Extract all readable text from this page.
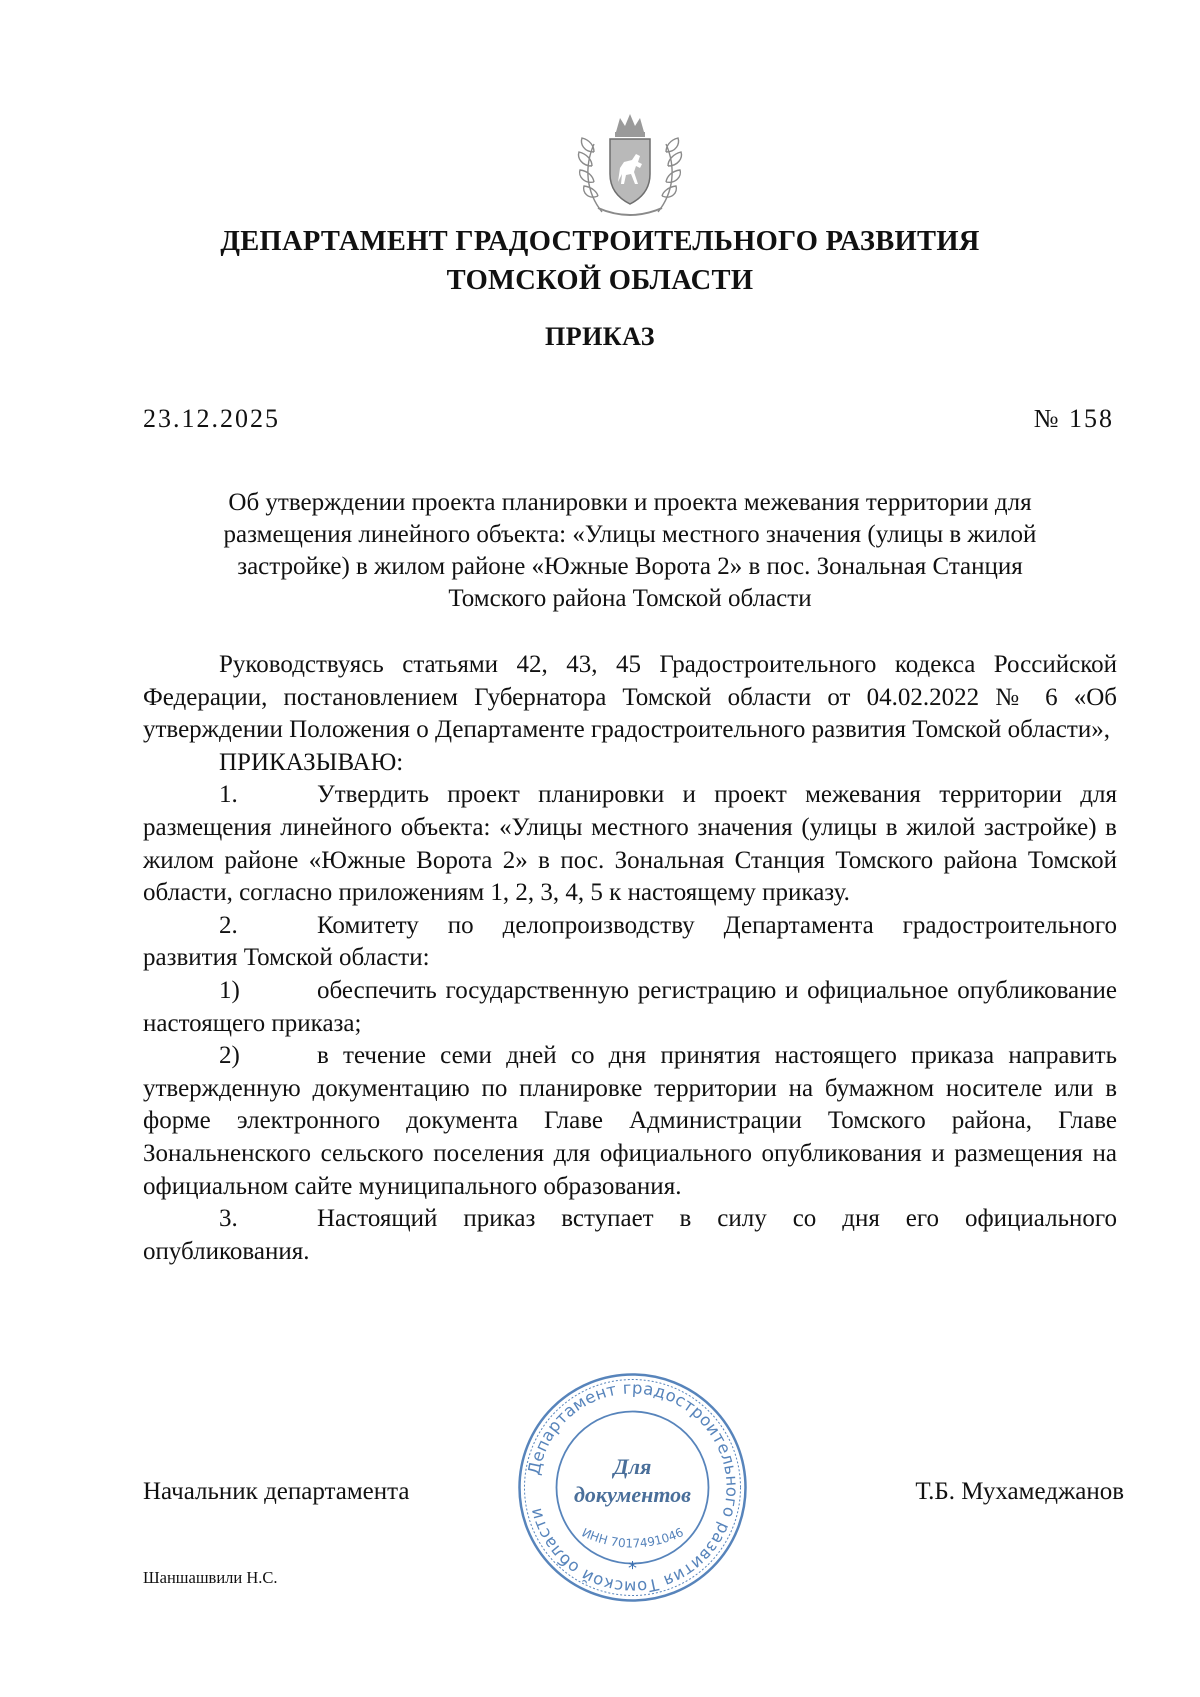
ДЕПАРТАМЕНТ ГРАДОСТРОИТЕЛЬНОГО РАЗВИТИЯ
ТОМСКОЙ ОБЛАСТИ
ПРИКАЗ
23.12.2025	№ 158
Об утверждении проекта планировки и проекта межевания территории для
размещения линейного объекта: «Улицы местного значения (улицы в жилой
застройке) в жилом районе «Южные Ворота 2» в пос. Зональная Станция
Томского района Томской области

Руководствуясь статьями 42, 43, 45 Градостроительного кодекса Российской Федерации, постановлением Губернатора Томской области от 04.02.2022 № 6 «Об утверждении Положения о Департаменте градостроительного развития Томской области»,

ПРИКАЗЫВАЮ:

1.	Утвердить проект планировки и проект межевания территории для размещения линейного объекта: «Улицы местного значения (улицы в жилой застройке) в жилом районе «Южные Ворота 2» в пос. Зональная Станция Томского района Томской области, согласно приложениям 1, 2, 3, 4, 5 к настоящему приказу.

2.	Комитету по делопроизводству Департамента градостроительного развития Томской области:

1)	обеспечить государственную регистрацию и официальное опубликование настоящего приказа;

2)	в течение семи дней со дня принятия настоящего приказа направить утвержденную документацию по планировке территории на бумажном носителе или в форме электронного документа Главе Администрации Томского района, Главе Зональненского сельского поселения для официального опубликования и размещения на официальном сайте муниципального образования.

3.	Настоящий приказ вступает в силу со дня его официального опубликования.

Начальник департамента	Т.Б. Мухамеджанов
Шаншашвили Н.С.
Департамент градостроительного развития Томской области
Для
документов
ИНН 7017491046
*
